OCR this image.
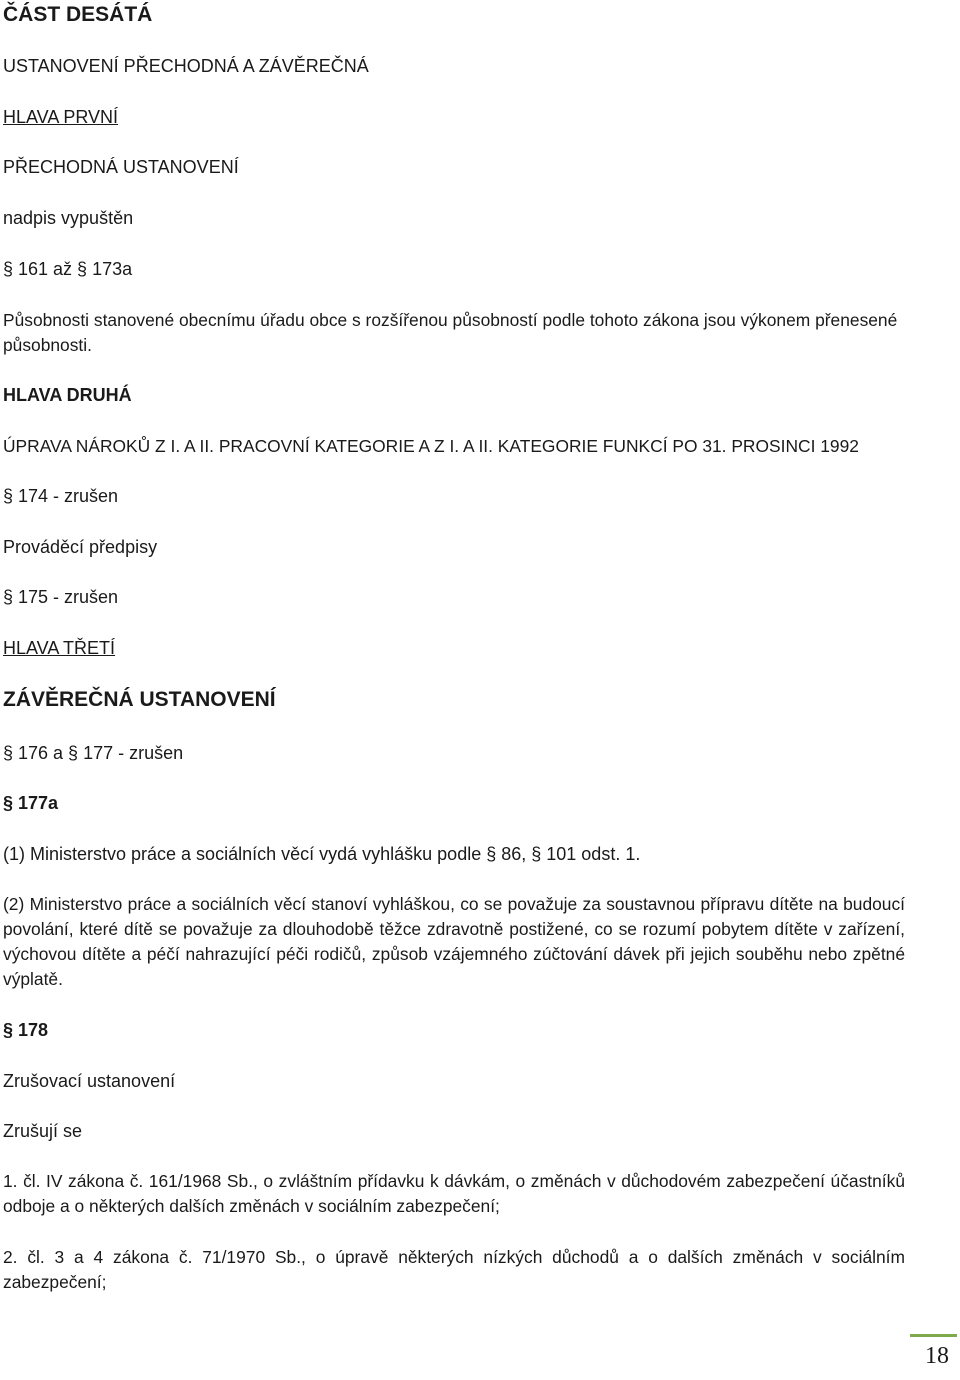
ČÁST DESÁTÁ

USTANOVENÍ PŘECHODNÁ A ZÁVĚREČNÁ

HLAVA PRVNÍ

PŘECHODNÁ USTANOVENÍ

nadpis vypuštěn

§ 161 až § 173a

Působnosti stanovené obecnímu úřadu obce s rozšířenou působností podle tohoto zákona jsou výkonem přenesené působnosti.

HLAVA DRUHÁ

ÚPRAVA NÁROKŮ Z I. A II. PRACOVNÍ KATEGORIE A Z I. A II. KATEGORIE FUNKCÍ PO 31. PROSINCI 1992

§ 174 - zrušen

Prováděcí předpisy

§ 175 - zrušen

HLAVA TŘETÍ

ZÁVĚREČNÁ USTANOVENÍ

§ 176 a § 177 - zrušen

§ 177a

(1) Ministerstvo práce a sociálních věcí vydá vyhlášku podle § 86, § 101 odst. 1.

(2) Ministerstvo práce a sociálních věcí stanoví vyhláškou, co se považuje za soustavnou přípravu dítěte na budoucí povolání, které dítě se považuje za dlouhodobě těžce zdravotně postižené, co se rozumí pobytem dítěte v zařízení, výchovou dítěte a péčí nahrazující péči rodičů, způsob vzájemného zúčtování dávek při jejich souběhu nebo zpětné výplatě.

§ 178

Zrušovací ustanovení

Zrušují se

1. čl. IV zákona č. 161/1968 Sb., o zvláštním přídavku k dávkám, o změnách v důchodovém zabezpečení účastníků odboje a o některých dalších změnách v sociálním zabezpečení;

2. čl. 3 a 4 zákona č. 71/1970 Sb., o úpravě některých nízkých důchodů a o dalších změnách v sociálním zabezpečení;

18
